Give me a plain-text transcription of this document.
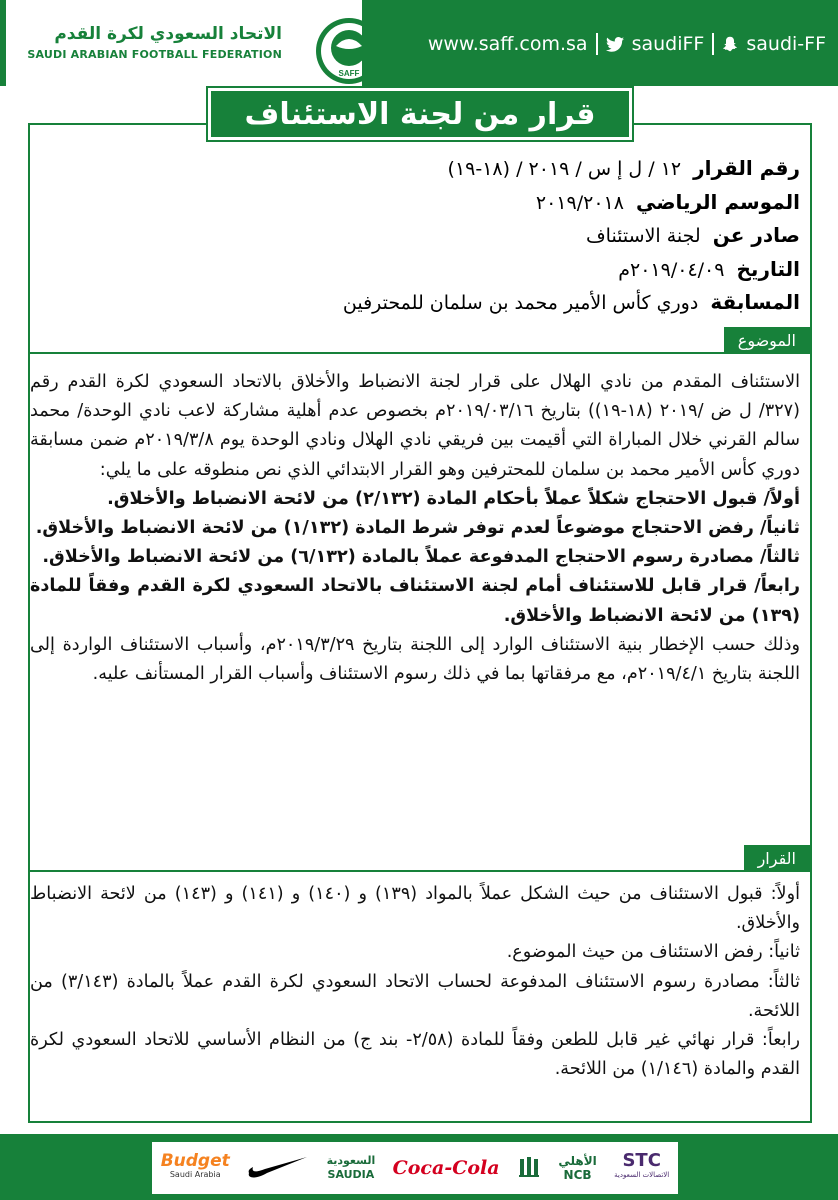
الاتحاد السعودي لكرة القدم
SAUDI ARABIAN FOOTBALL FEDERATION
SAFF
www.saff.com.sa saudiFF saudi-FF
قرار من لجنة الاستئناف
رقم القرار ١٢ / ل إ س / ٢٠١٩ / (١٨-١٩)
الموسم الرياضي ٢٠١٩/٢٠١٨
صادر عن لجنة الاستئناف
التاريخ ٢٠١٩/٠٤/٠٩م
المسابقة دوري كأس الأمير محمد بن سلمان للمحترفين
الموضوع

الاستئناف المقدم من نادي الهلال على قرار لجنة الانضباط والأخلاق بالاتحاد السعودي لكرة القدم رقم (٣٢٧/ ل ض /٢٠١٩ (١٨-١٩)) بتاريخ ٢٠١٩/٠٣/١٦م بخصوص عدم أهلية مشاركة لاعب نادي الوحدة/ محمد سالم القرني خلال المباراة التي أقيمت بين فريقي نادي الهلال ونادي الوحدة يوم ٢٠١٩/٣/٨م ضمن مسابقة دوري كأس الأمير محمد بن سلمان للمحترفين وهو القرار الابتدائي الذي نص منطوقه على ما يلي:

أولاً/ قبول الاحتجاج شكلاً عملاً بأحكام المادة (٢/١٣٢) من لائحة الانضباط والأخلاق.

ثانياً/ رفض الاحتجاج موضوعاً لعدم توفر شرط المادة (١/١٣٢) من لائحة الانضباط والأخلاق.

ثالثاً/ مصادرة رسوم الاحتجاج المدفوعة عملاً بالمادة (٦/١٣٢) من لائحة الانضباط والأخلاق.

رابعاً/ قرار قابل للاستئناف أمام لجنة الاستئناف بالاتحاد السعودي لكرة القدم وفقاً للمادة (١٣٩) من لائحة الانضباط والأخلاق.

وذلك حسب الإخطار بنية الاستئناف الوارد إلى اللجنة بتاريخ ٢٠١٩/٣/٢٩م، وأسباب الاستئناف الواردة إلى اللجنة بتاريخ ٢٠١٩/٤/١م، مع مرفقاتها بما في ذلك رسوم الاستئناف وأسباب القرار المستأنف عليه.

القرار

أولاً: قبول الاستئناف من حيث الشكل عملاً بالمواد (١٣٩) و (١٤٠) و (١٤١) و (١٤٣) من لائحة الانضباط والأخلاق.

ثانياً: رفض الاستئناف من حيث الموضوع.

ثالثاً: مصادرة رسوم الاستئناف المدفوعة لحساب الاتحاد السعودي لكرة القدم عملاً بالمادة (٣/١٤٣) من اللائحة.

رابعاً: قرار نهائي غير قابل للطعن وفقاً للمادة (٢/٥٨- بند ج) من النظام الأساسي للاتحاد السعودي لكرة القدم والمادة (١/١٤٦) من اللائحة.

Budget
Saudi Arabia
السعودية
SAUDIA Coca-Cola	الأهلي
NCB
STC
الاتصالات السعودية
